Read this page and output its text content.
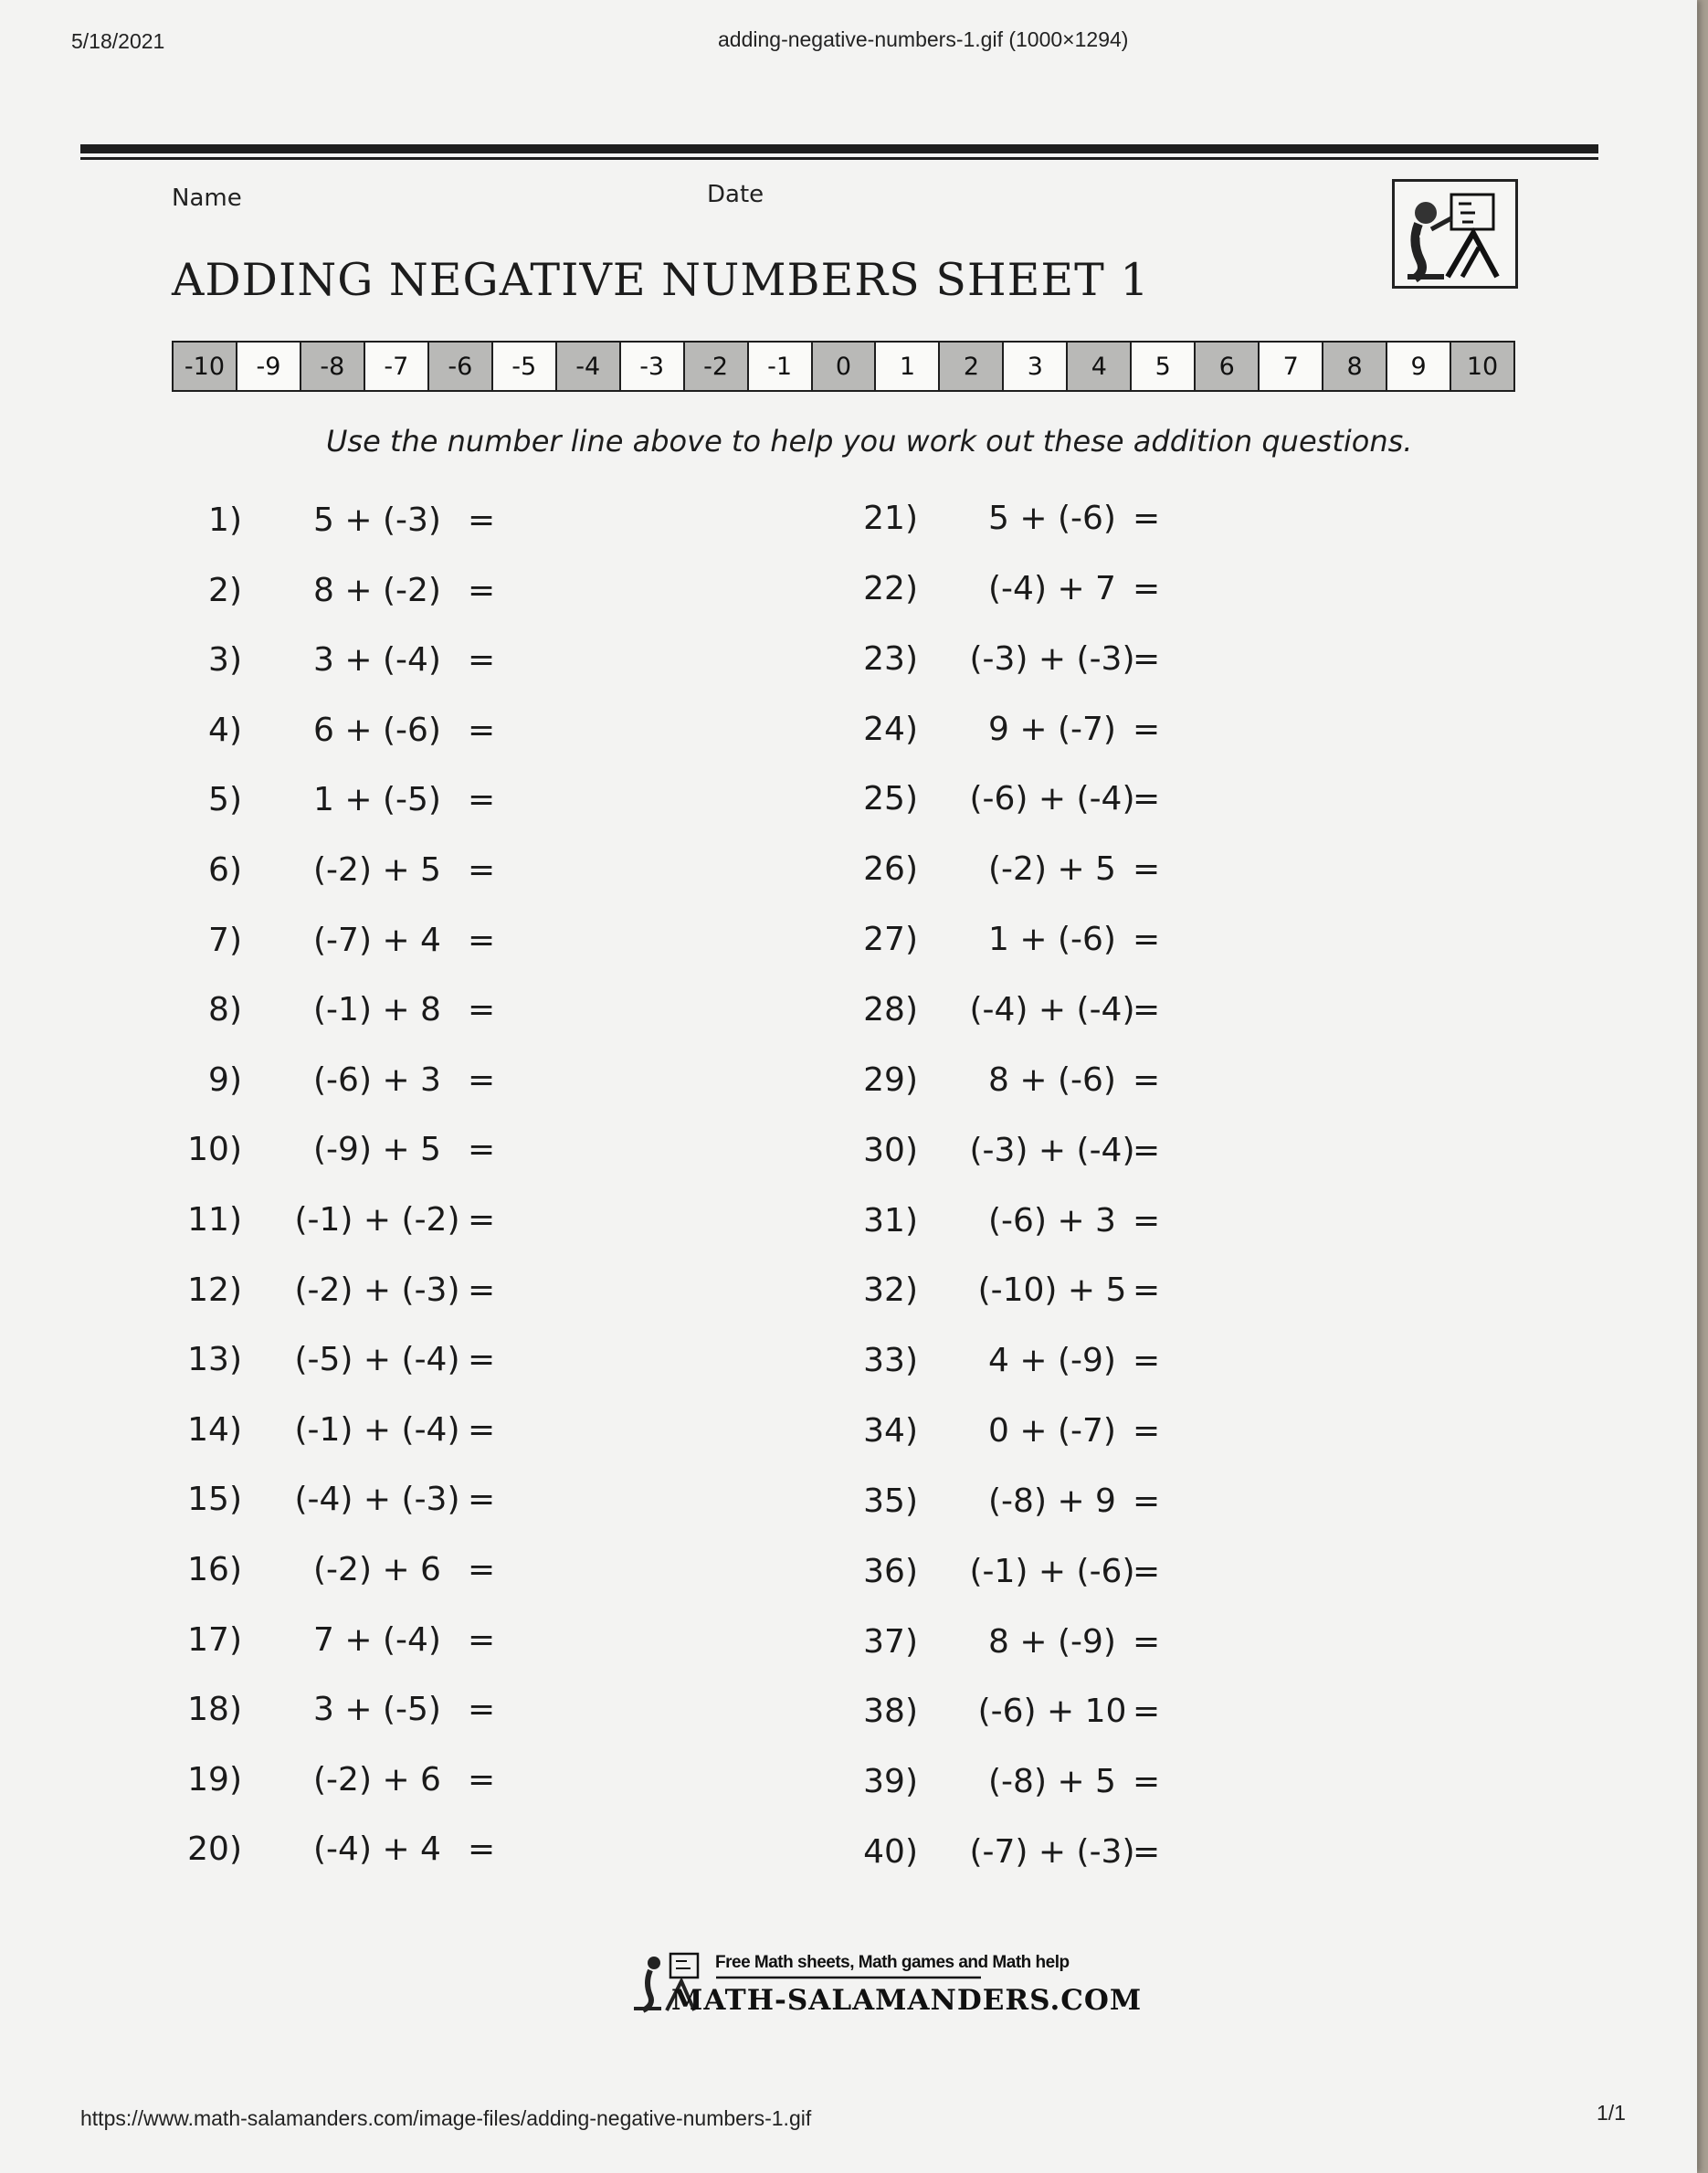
5/18/2021	adding-negative-numbers-1.gif (1000×1294)
Name	Date
ADDING NEGATIVE NUMBERS SHEET 1
-10	-9	-8	-7	-6	-5	-4	-3	-2	-1	0	1	2	3	4	5	6	7	8	9	10
Use the number line above to help you work out these addition questions.
1)	5 + (-3) =
2)	8 + (-2) =
3)	3 + (-4) =
4)	6 + (-6) =
5)	1 + (-5) =
6)	(-2) + 5 =
7)	(-7) + 4 =
8)	(-1) + 8 =
9)	(-6) + 3 =
10)	(-9) + 5 =
11) (-1) + (-2) =
12) (-2) + (-3) =
13) (-5) + (-4) =
14) (-1) + (-4) =
15) (-4) + (-3) =
16)	(-2) + 6 =
17)	7 + (-4) =
18)	3 + (-5) =
19)	(-2) + 6 =
20)	(-4) + 4 =
21)	5 + (-6) =
22)	(-4) + 7 =
23) (-3) + (-3)
=
24)	9 + (-7) =
25) (-6) + (-4)
=
26)	(-2) + 5 =
27)	1 + (-6) =
28) (-4) + (-4)
=
29)	8 + (-6) =
30) (-3) + (-4)
=
31)	(-6) + 3 =
32)	(-10) + 5 =
33)	4 + (-9) =
34)	0 + (-7) =
35)	(-8) + 9 =
36) (-1) + (-6)
=
37)	8 + (-9) =
38)	(-6) + 10 =
39)	(-8) + 5 =
40) (-7) + (-3)
=
Free Math sheets, Math games and Math help
MATH-SALAMANDERS.COM
https://www.math-salamanders.com/image-files/adding-negative-numbers-1.gif	1/1
